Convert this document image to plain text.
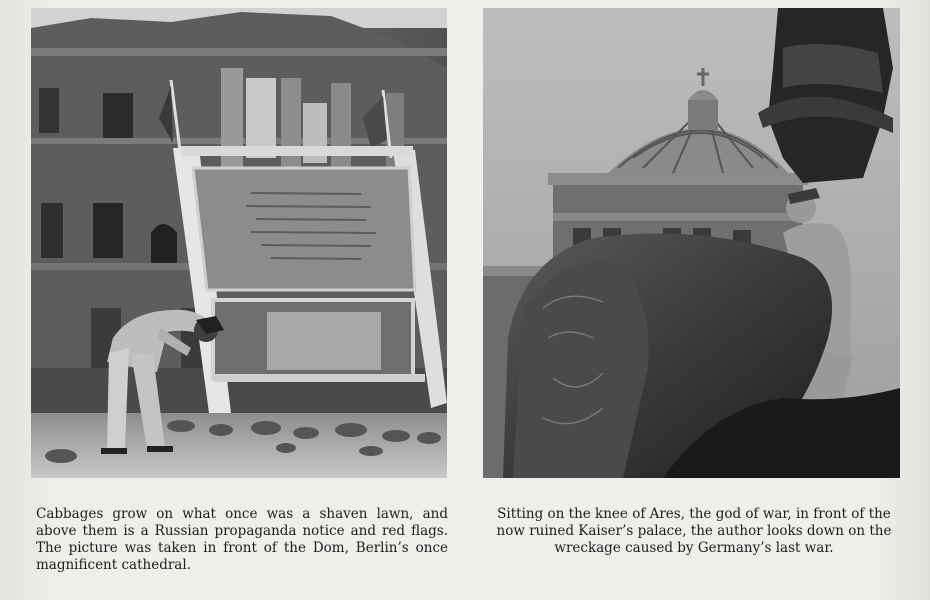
Cabbages grow on what once was a shaven lawn, and above them is a Russian propaganda notice and red flags. The picture was taken in front of the Dom, Berlin’s once magnificent cathedral.

Sitting on the knee of Ares, the god of war, in front of the now ruined Kaiser’s palace, the author looks down on the wreckage caused by Germany’s last war.
